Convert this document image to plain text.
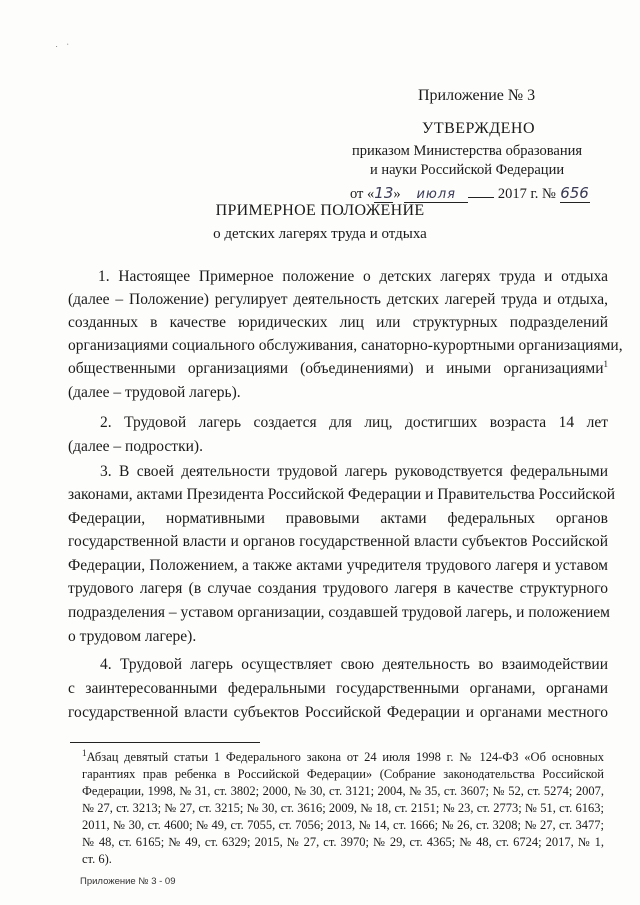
· ·
Приложение № 3
УТВЕРЖДЕНО
приказом Министерства образования
и науки Российской Федерации
от «13» июля	2017 г. № 656
ПРИМЕРНОЕ ПОЛОЖЕНИЕ
о детских лагерях труда и отдыха
1. Настоящее Примерное положение о детских лагерях труда и отдыха
(далее – Положение) регулирует деятельность детских лагерей труда и отдыха,
созданных в качестве юридических лиц или структурных подразделений
организациями социального обслуживания, санаторно-курортными организациями,
общественными организациями (объединениями) и иными организациями$^1$
(далее – трудовой лагерь).
2. Трудовой лагерь создается для лиц, достигших возраста 14 лет
(далее – подростки).
3. В своей деятельности трудовой лагерь руководствуется федеральными
законами, актами Президента Российской Федерации и Правительства Российской
Федерации, нормативными правовыми актами федеральных органов
государственной власти и органов государственной власти субъектов Российской
Федерации, Положением, а также актами учредителя трудового лагеря и уставом
трудового лагеря (в случае создания трудового лагеря в качестве структурного
подразделения – уставом организации, создавшей трудовой лагерь, и положением
о трудовом лагере).
4. Трудовой лагерь осуществляет свою деятельность во взаимодействии
с заинтересованными федеральными государственными органами, органами
государственной власти субъектов Российской Федерации и органами местного
$^1$Абзац девятый статьи 1 Федерального закона от 24 июля 1998 г. № 124-ФЗ «Об основных
гарантиях прав ребенка в Российской Федерации» (Собрание законодательства Российской
Федерации, 1998, № 31, ст. 3802; 2000, № 30, ст. 3121; 2004, № 35, ст. 3607; № 52, ст. 5274; 2007,
№ 27, ст. 3213; № 27, ст. 3215; № 30, ст. 3616; 2009, № 18, ст. 2151; № 23, ст. 2773; № 51, ст. 6163;
2011, № 30, ст. 4600; № 49, ст. 7055, ст. 7056; 2013, № 14, ст. 1666; № 26, ст. 3208; № 27, ст. 3477;
№ 48, ст. 6165; № 49, ст. 6329; 2015, № 27, ст. 3970; № 29, ст. 4365; № 48, ст. 6724; 2017, № 1,
ст. 6).
Приложение № 3 - 09
